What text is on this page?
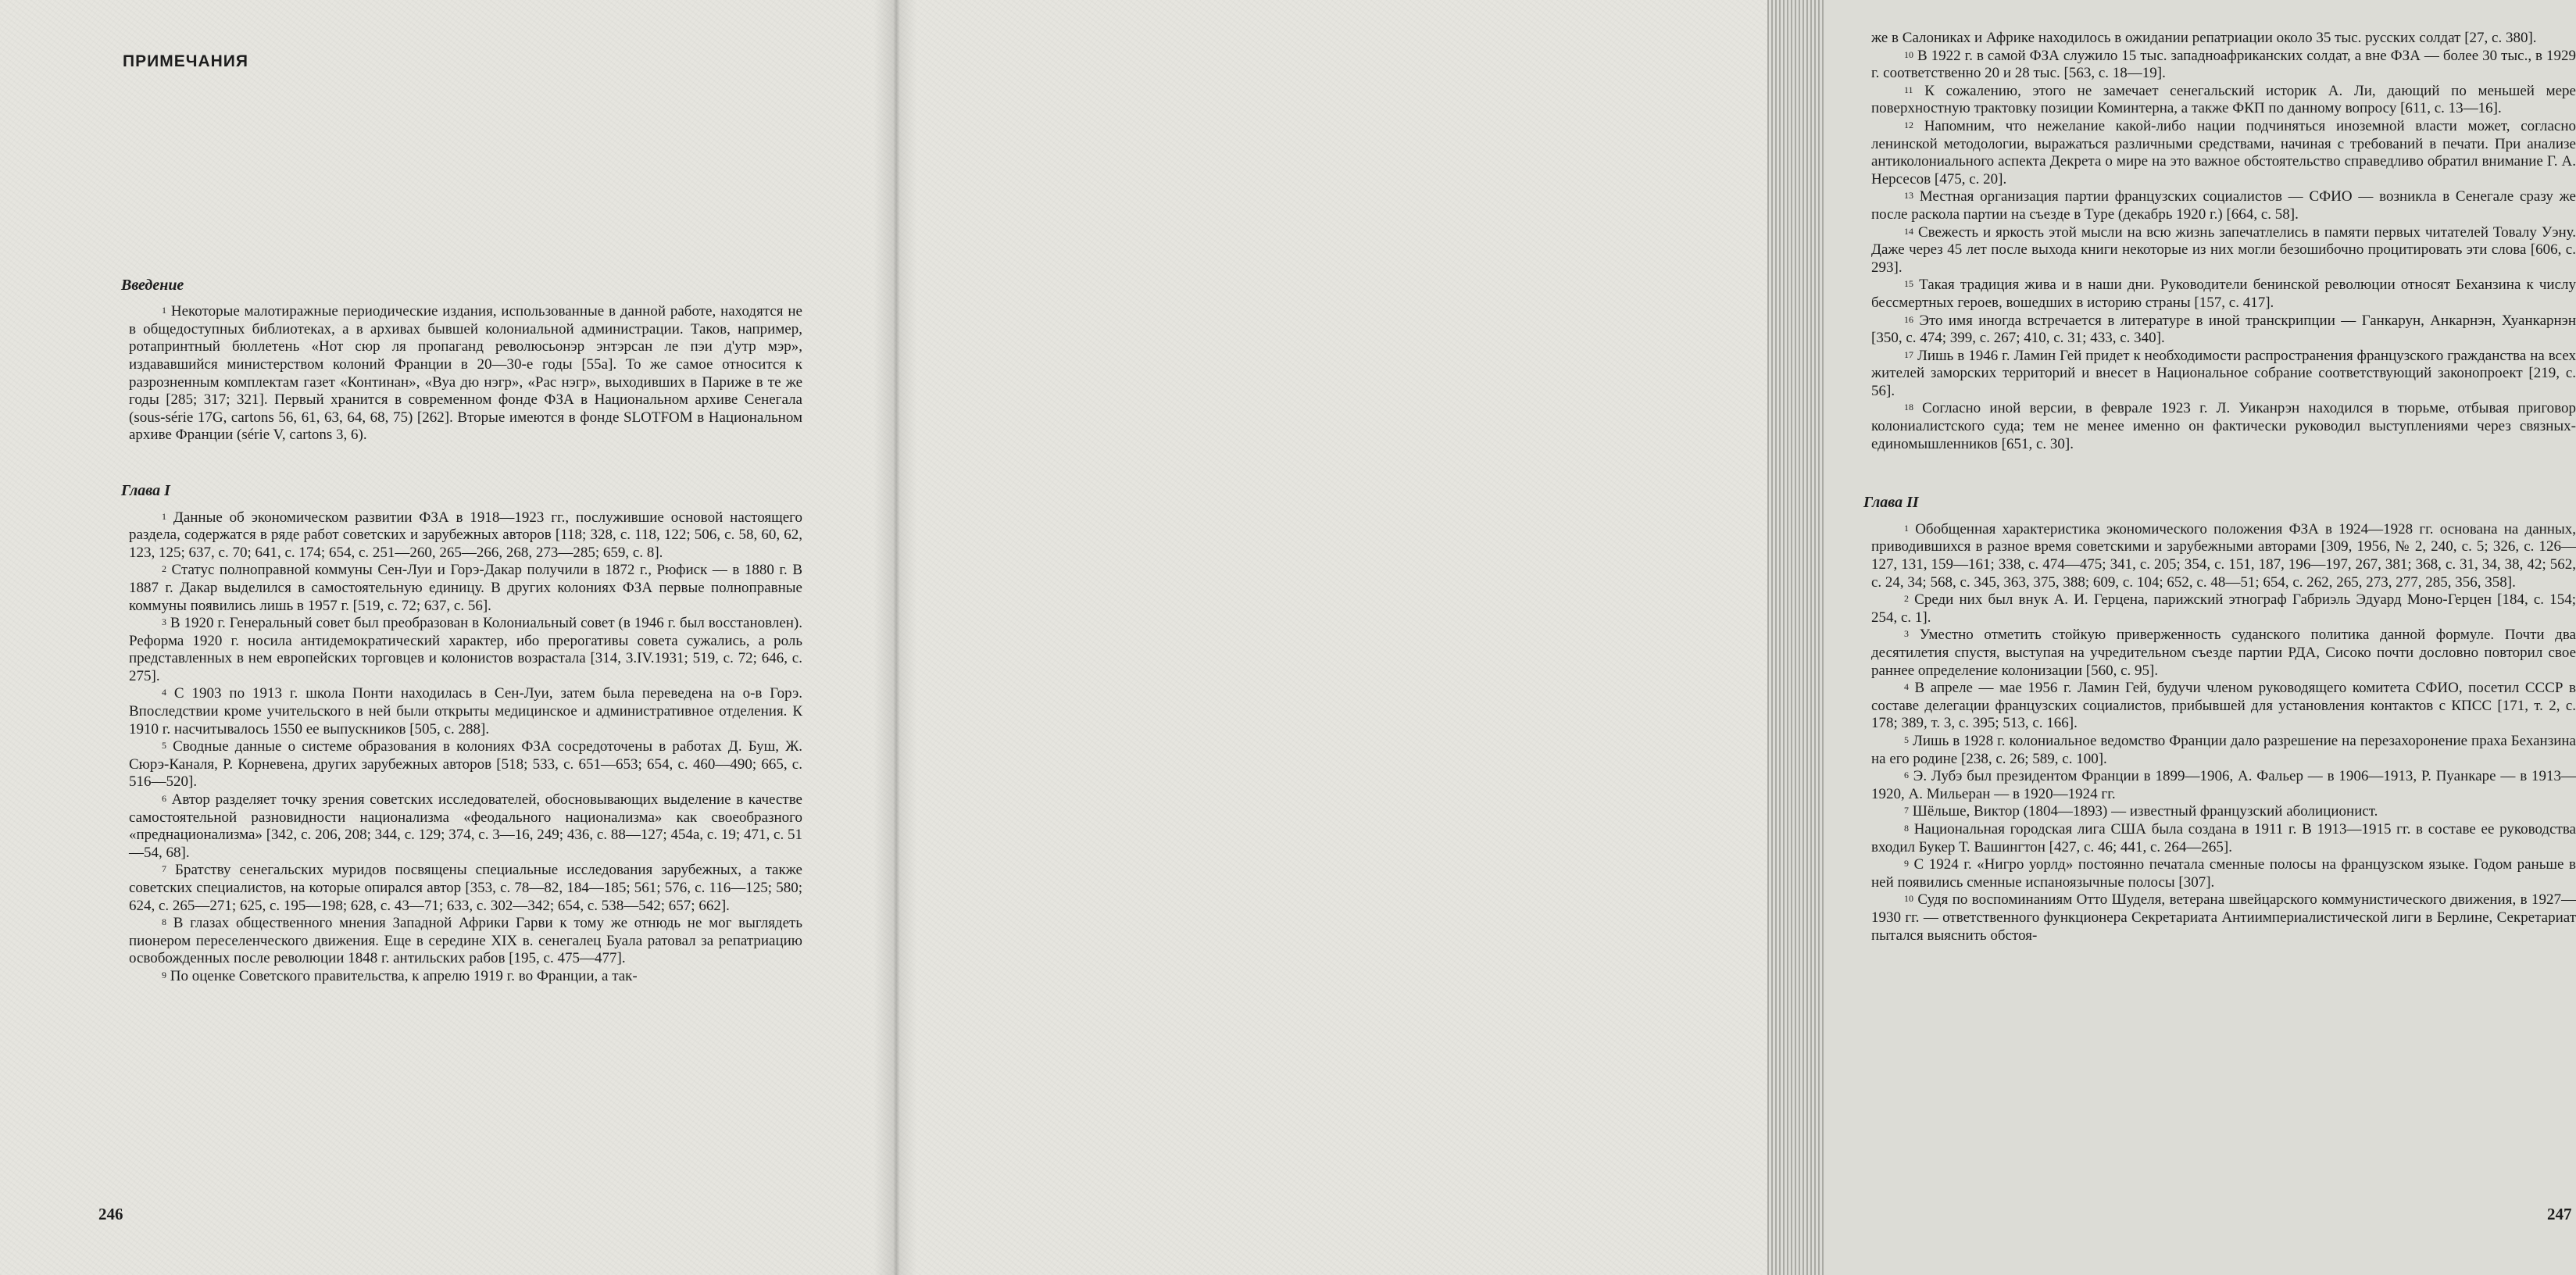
ПРИМЕЧАНИЯ
Введение

$^1$ Некоторые малотиражные периодические издания, использованные в данной работе, находятся не в общедоступных библиотеках, а в архивах бывшей колониальной администрации. Таков, например, ротапринтный бюллетень «Нот сюр ля пропаганд революсьонэр энтэрсан ле пэи д'утр мэр», издававшийся министерством колоний Франции в 20—30-е годы [55а]. То же самое относится к разрозненным комплектам газет «Континан», «Вуа дю нэгр», «Рас нэгр», выходивших в Париже в те же годы [285; 317; 321]. Первый хранится в современном фонде ФЗА в Национальном архиве Сенегала (sous-série 17G, cartons 56, 61, 63, 64, 68, 75) [262]. Вторые имеются в фонде SLOTFOM в Национальном архиве Франции (série V, cartons 3, 6).

Глава I

$^1$ Данные об экономическом развитии ФЗА в 1918—1923 гг., послужившие основой настоящего раздела, содержатся в ряде работ советских и зарубежных авторов [118; 328, с. 118, 122; 506, с. 58, 60, 62, 123, 125; 637, с. 70; 641, с. 174; 654, с. 251—260, 265—266, 268, 273—285; 659, с. 8].

$^2$ Статус полноправной коммуны Сен-Луи и Горэ-Дакар получили в 1872 г., Рюфиск — в 1880 г. В 1887 г. Дакар выделился в самостоятельную единицу. В других колониях ФЗА первые полноправные коммуны появились лишь в 1957 г. [519, с. 72; 637, с. 56].

$^3$ В 1920 г. Генеральный совет был преобразован в Колониальный совет (в 1946 г. был восстановлен). Реформа 1920 г. носила антидемократический характер, ибо прерогативы совета сужались, а роль представленных в нем европейских торговцев и колонистов возрастала [314, 3.IV.1931; 519, с. 72; 646, с. 275].

$^4$ С 1903 по 1913 г. школа Понти находилась в Сен-Луи, затем была переведена на о-в Горэ. Впоследствии кроме учительского в ней были открыты медицинское и административное отделения. К 1910 г. насчитывалось 1550 ее выпускников [505, с. 288].

$^5$ Сводные данные о системе образования в колониях ФЗА сосредоточены в работах Д. Буш, Ж. Сюрэ-Каналя, Р. Корневена, других зарубежных авторов [518; 533, с. 651—653; 654, с. 460—490; 665, с. 516—520].

$^6$ Автор разделяет точку зрения советских исследователей, обосновывающих выделение в качестве самостоятельной разновидности национализма «феодального национализма» как своеобразного «преднационализма» [342, с. 206, 208; 344, с. 129; 374, с. 3—16, 249; 436, с. 88—127; 454а, с. 19; 471, с. 51—54, 68].

$^7$ Братству сенегальских муридов посвящены специальные исследования зарубежных, а также советских специалистов, на которые опирался автор [353, с. 78—82, 184—185; 561; 576, с. 116—125; 580; 624, с. 265—271; 625, с. 195—198; 628, с. 43—71; 633, с. 302—342; 654, с. 538—542; 657; 662].

$^8$ В глазах общественного мнения Западной Африки Гарви к тому же отнюдь не мог выглядеть пионером переселенческого движения. Еще в середине XIX в. сенегалец Буала ратовал за репатриацию освобожденных после революции 1848 г. антильских рабов [195, с. 475—477].

$^9$ По оценке Советского правительства, к апрелю 1919 г. во Франции, а так-

246

же в Салониках и Африке находилось в ожидании репатриации около 35 тыс. русских солдат [27, с. 380].

$^{10}$ В 1922 г. в самой ФЗА служило 15 тыс. западноафриканских солдат, а вне ФЗА — более 30 тыс., в 1929 г. соответственно 20 и 28 тыс. [563, с. 18—19].

$^{11}$ К сожалению, этого не замечает сенегальский историк А. Ли, дающий по меньшей мере поверхностную трактовку позиции Коминтерна, а также ФКП по данному вопросу [611, с. 13—16].

$^{12}$ Напомним, что нежелание какой-либо нации подчиняться иноземной власти может, согласно ленинской методологии, выражаться различными средствами, начиная с требований в печати. При анализе антиколониального аспекта Декрета о мире на это важное обстоятельство справедливо обратил внимание Г. А. Нерсесов [475, с. 20].

$^{13}$ Местная организация партии французских социалистов — СФИО — возникла в Сенегале сразу же после раскола партии на съезде в Туре (декабрь 1920 г.) [664, с. 58].

$^{14}$ Свежесть и яркость этой мысли на всю жизнь запечатлелись в памяти первых читателей Товалу Уэну. Даже через 45 лет после выхода книги некоторые из них могли безошибочно процитировать эти слова [606, с. 293].

$^{15}$ Такая традиция жива и в наши дни. Руководители бенинской революции относят Беханзина к числу бессмертных героев, вошедших в историю страны [157, с. 417].

$^{16}$ Это имя иногда встречается в литературе в иной транскрипции — Ганкарун, Анкарнэн, Хуанкарнэн [350, с. 474; 399, с. 267; 410, с. 31; 433, с. 340].

$^{17}$ Лишь в 1946 г. Ламин Гей придет к необходимости распространения французского гражданства на всех жителей заморских территорий и внесет в Национальное собрание соответствующий законопроект [219, с. 56].

$^{18}$ Согласно иной версии, в феврале 1923 г. Л. Уиканрэн находился в тюрьме, отбывая приговор колониалистского суда; тем не менее именно он фактически руководил выступлениями через связных-единомышленников [651, с. 30].

Глава II

$^1$ Обобщенная характеристика экономического положения ФЗА в 1924—1928 гг. основана на данных, приводившихся в разное время советскими и зарубежными авторами [309, 1956, № 2, 240, с. 5; 326, с. 126—127, 131, 159—161; 338, с. 474—475; 341, с. 205; 354, с. 151, 187, 196—197, 267, 381; 368, с. 31, 34, 38, 42; 562, с. 24, 34; 568, с. 345, 363, 375, 388; 609, с. 104; 652, с. 48—51; 654, с. 262, 265, 273, 277, 285, 356, 358].

$^2$ Среди них был внук А. И. Герцена, парижский этнограф Габриэль Эдуард Моно-Герцен [184, с. 154; 254, с. 1].

$^3$ Уместно отметить стойкую приверженность суданского политика данной формуле. Почти два десятилетия спустя, выступая на учредительном съезде партии РДА, Сисоко почти дословно повторил свое раннее определение колонизации [560, с. 95].

$^4$ В апреле — мае 1956 г. Ламин Гей, будучи членом руководящего комитета СФИО, посетил СССР в составе делегации французских социалистов, прибывшей для установления контактов с КПСС [171, т. 2, с. 178; 389, т. 3, с. 395; 513, с. 166].

$^5$ Лишь в 1928 г. колониальное ведомство Франции дало разрешение на перезахоронение праха Беханзина на его родине [238, с. 26; 589, с. 100].

$^6$ Э. Лубэ был президентом Франции в 1899—1906, А. Фальер — в 1906—1913, Р. Пуанкаре — в 1913—1920, А. Мильеран — в 1920—1924 гг.

$^7$ Шёльше, Виктор (1804—1893) — известный французский аболиционист.

$^8$ Национальная городская лига США была создана в 1911 г. В 1913—1915 гг. в составе ее руководства входил Букер Т. Вашингтон [427, с. 46; 441, с. 264—265].

$^9$ С 1924 г. «Нигро уорлд» постоянно печатала сменные полосы на французском языке. Годом раньше в ней появились сменные испаноязычные полосы [307].

$^{10}$ Судя по воспоминаниям Отто Шуделя, ветерана швейцарского коммунистического движения, в 1927—1930 гг. — ответственного функционера Секретариата Антиимпериалистической лиги в Берлине, Секретариат пытался выяснить обстоя-

247
